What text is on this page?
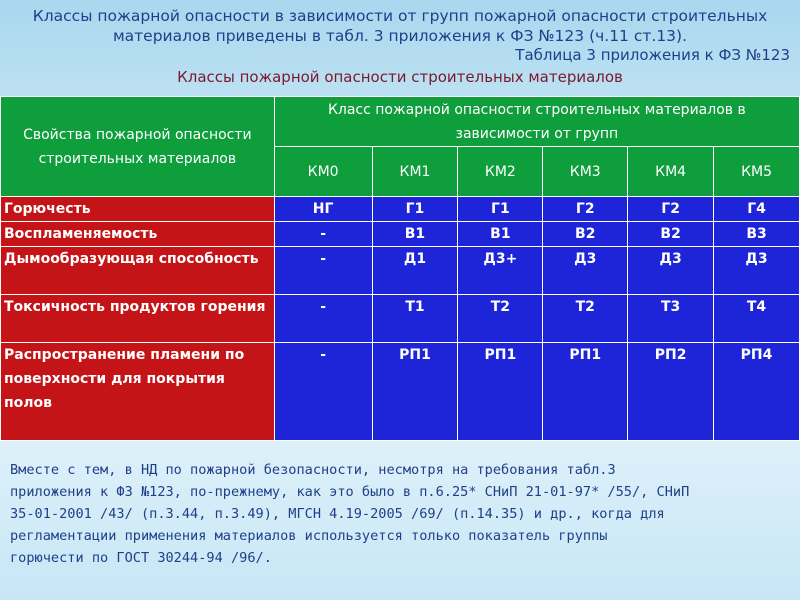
Классы пожарной опасности в зависимости от групп пожарной опасности строительных
материалов приведены в табл. 3 приложения к ФЗ №123 (ч.11 ст.13).
Таблица 3 приложения к ФЗ №123
Классы пожарной опасности строительных материалов
Свойства пожарной опасности строительных материалов	Класс пожарной опасности строительных материалов в зависимости от групп					
	КМ0	КМ1	КМ2	КМ3	КМ4	КМ5
Горючесть	НГ	Г1	Г1	Г2	Г2	Г4
Воспламеняемость	-	В1	В1	В2	В2	В3
Дымообразующая способность	-	Д1	Д3+	Д3	Д3	Д3
Токсичность продуктов горения	-	Т1	Т2	Т2	Т3	Т4
Распространение пламени по поверхности для покрытия полов	-	РП1	РП1	РП1	РП2	РП4
Вместе с тем, в НД по пожарной безопасности, несмотря на требования табл.3
приложения к ФЗ №123, по-прежнему, как это было в п.6.25* СНиП 21-01-97* /55/, СНиП
35-01-2001 /43/ (п.3.44, п.3.49), МГСН 4.19-2005 /69/ (п.14.35) и др., когда для
регламентации применения материалов используется только показатель группы
горючести по ГОСТ 30244-94 /96/.
